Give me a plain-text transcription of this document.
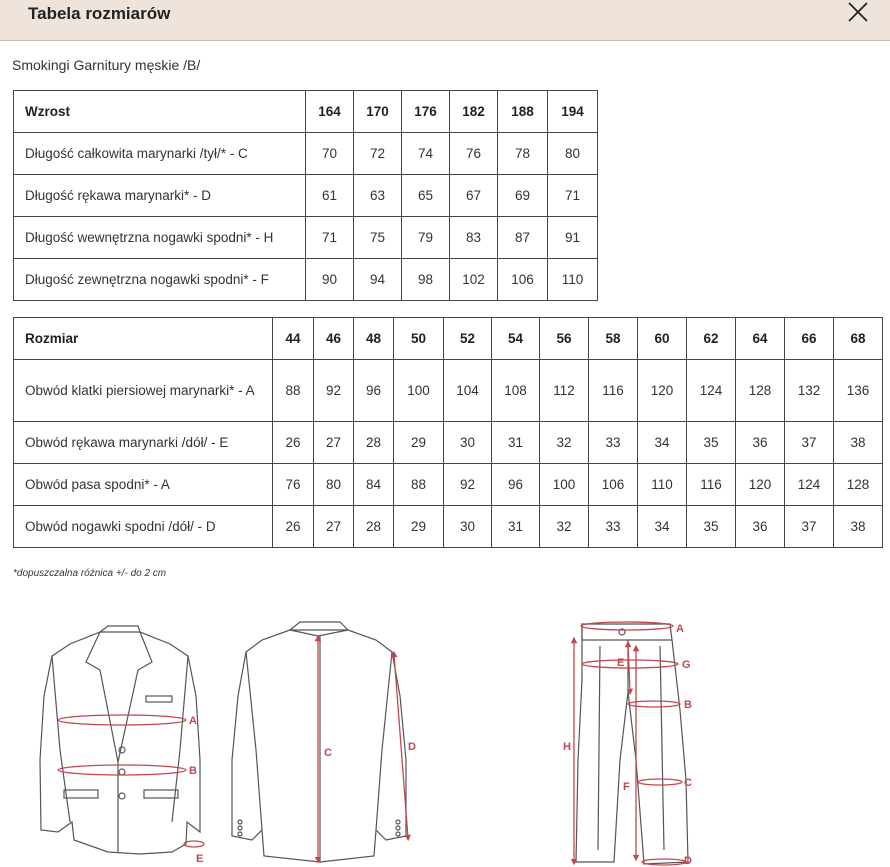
Tabela rozmiarów
Smokingi Garnitury męskie /B/
Wzrost	164	170	176	182	188	194
Długość całkowita marynarki /tył/* - C	70	72	74	76	78	80
Długość rękawa marynarki* - D	61	63	65	67	69	71
Długość wewnętrzna nogawki spodni* - H	71	75	79	83	87	91
Długość zewnętrzna nogawki spodni* - F	90	94	98	102	106	110
Rozmiar	44	46	48	50	52	54	56	58	60	62	64	66	68
Obwód klatki piersiowej marynarki* - A	88	92	96	100	104	108	112	116	120	124	128	132	136
Obwód rękawa marynarki /dół/ - E	26	27	28	29	30	31	32	33	34	35	36	37	38
Obwód pasa spodni* - A	76	80	84	88	92	96	100	106	110	116	120	124	128
Obwód nogawki spodni /dół/ - D	26	27	28	29	30	31	32	33	34	35	36	37	38
*dopuszczalna różnica +/- do 2 cm
A
B
E
C	D
A
E	G
B
H
C
F
D
